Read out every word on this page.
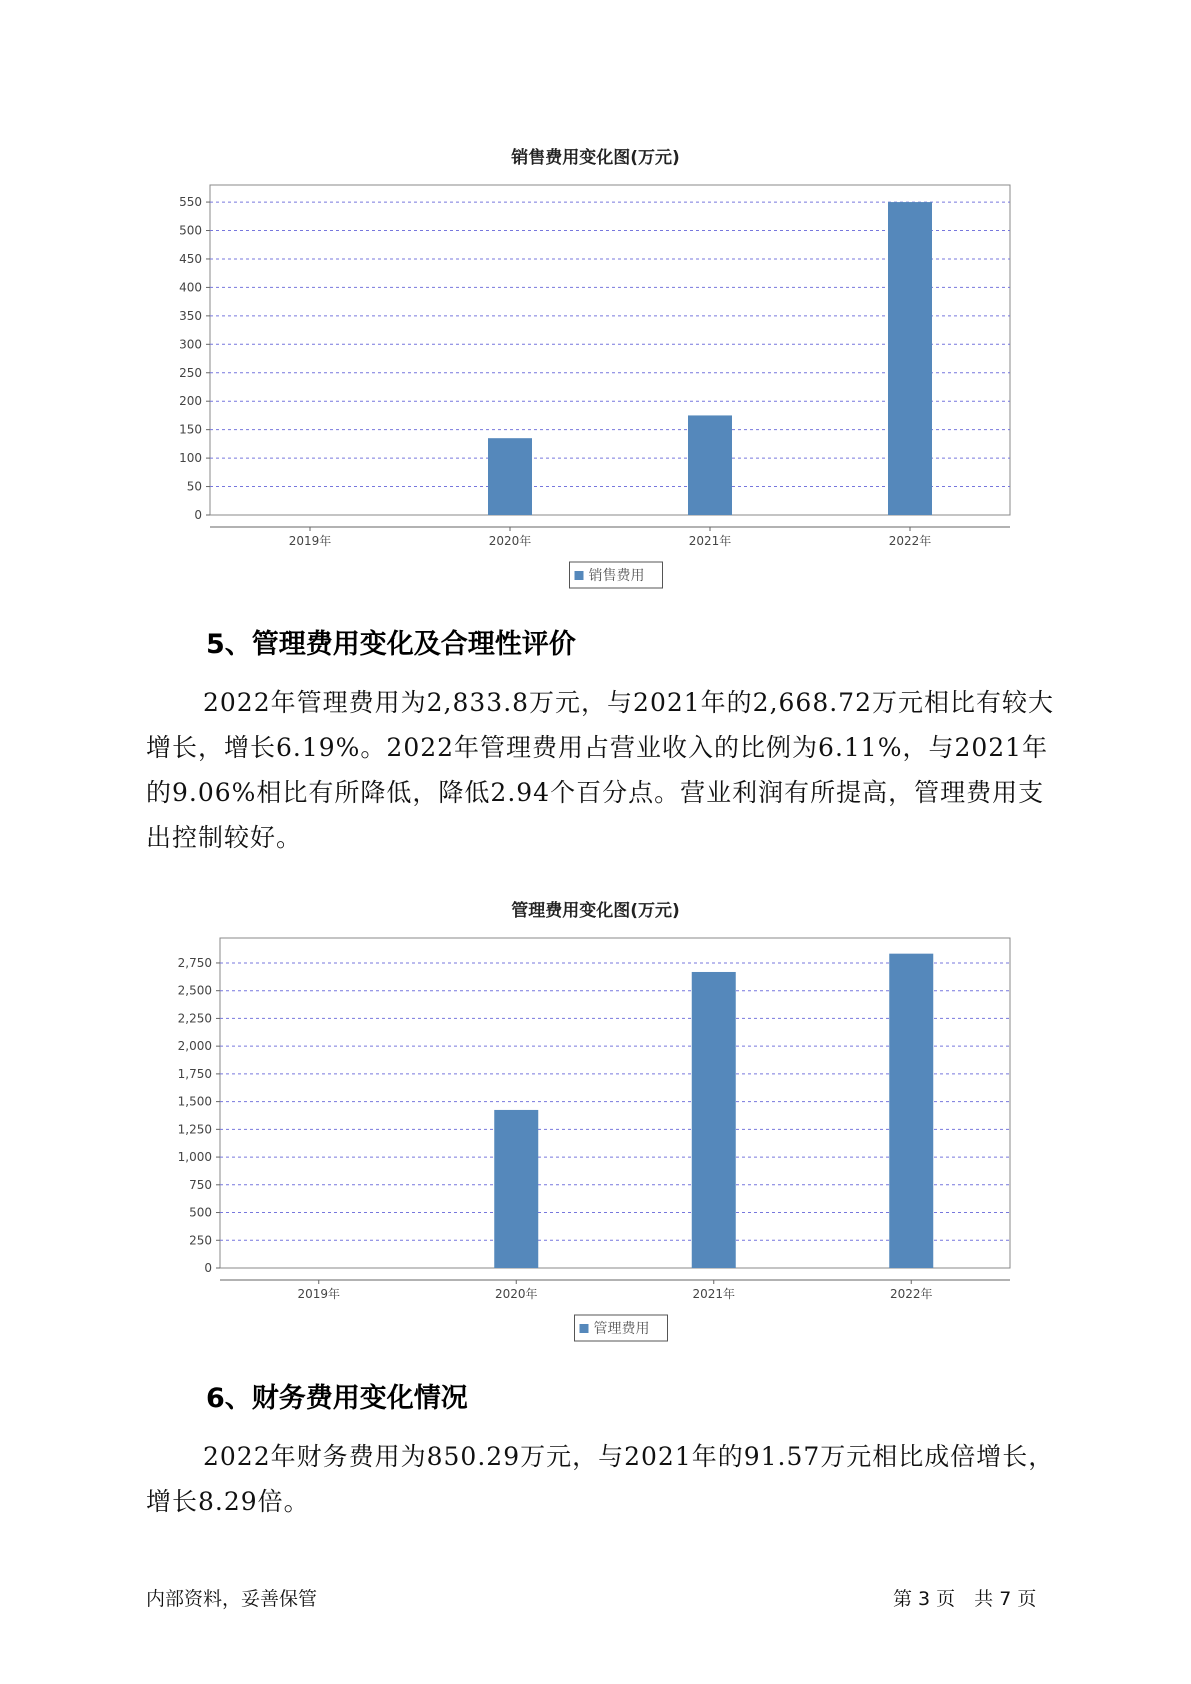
销售费用变化图(万元)
0
50
100
150
200
250
300
350
400
450
500
550
2019年	2020年	2021年	2022年
销售费用
5、管理费用变化及合理性评价
2022年管理费用为2,833.8万元，与2021年的2,668.72万元相比有较大增长，增长6.19%。2022年管理费用占营业收入的比例为6.11%，与2021年的9.06%相比有所降低，降低2.94个百分点。营业利润有所提高，管理费用支出控制较好。
管理费用变化图(万元)
0
250
500
750
1,000
1,250
1,500
1,750
2,000
2,250
2,500
2,750
2019年	2020年	2021年	2022年
管理费用
6、财务费用变化情况
2022年财务费用为850.29万元，与2021年的91.57万元相比成倍增长，增长8.29倍。
内部资料，妥善保管	第 3 页　共 7 页
